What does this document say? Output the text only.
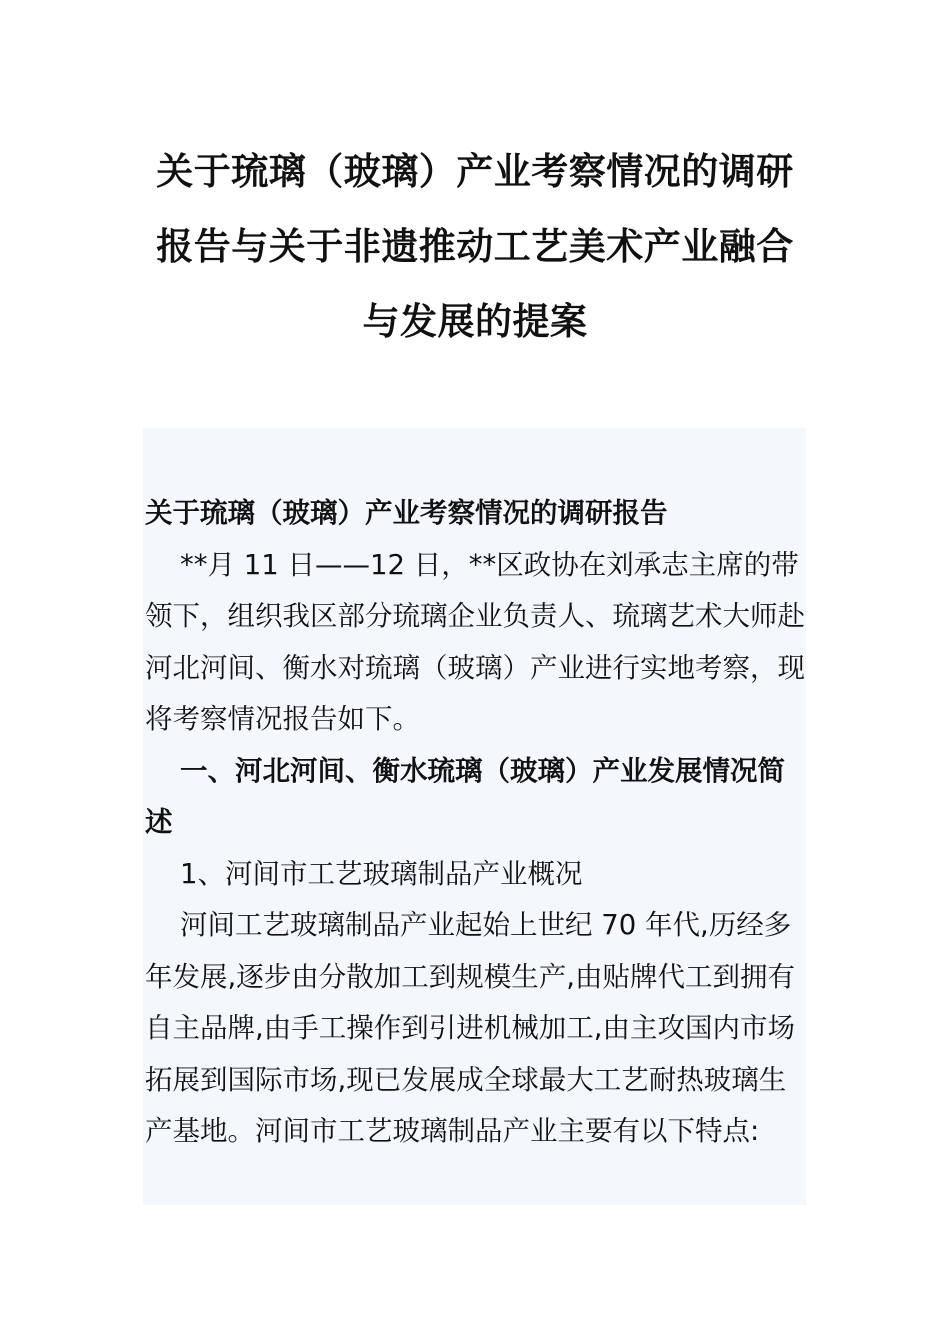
关于琉璃（玻璃）产业考察情况的调研报告与关于非遗推动工艺美术产业融合与发展的提案

关于琉璃（玻璃）产业考察情况的调研报告

**月 11 日——12 日，**区政协在刘承志主席的带领下，组织我区部分琉璃企业负责人、琉璃艺术大师赴河北河间、衡水对琉璃（玻璃）产业进行实地考察，现将考察情况报告如下。

一、河北河间、衡水琉璃（玻璃）产业发展情况简述

1、河间市工艺玻璃制品产业概况

河间工艺玻璃制品产业起始上世纪 70 年代,历经多年发展,逐步由分散加工到规模生产,由贴牌代工到拥有自主品牌,由手工操作到引进机械加工,由主攻国内市场拓展到国际市场,现已发展成全球最大工艺耐热玻璃生产基地。河间市工艺玻璃制品产业主要有以下特点:
